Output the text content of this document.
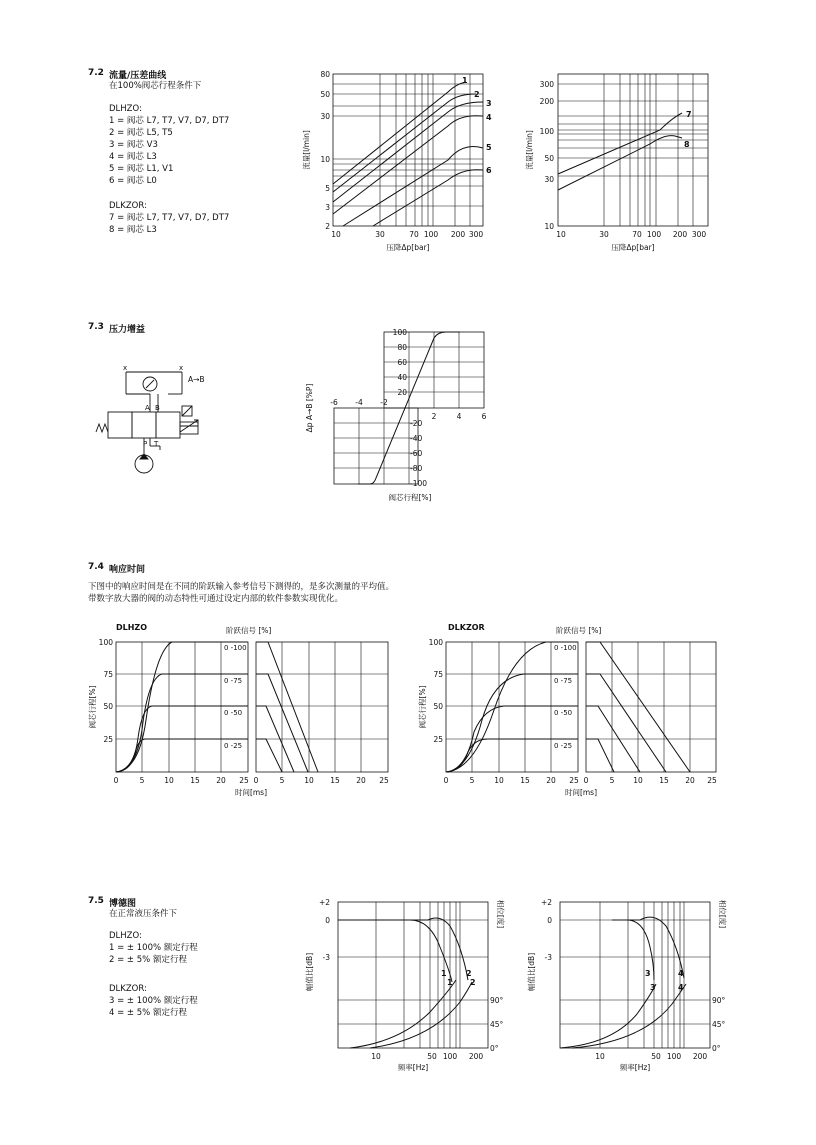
7.2 流量/压差曲线
在100%阀芯行程条件下
DLHZO:
1 = 阀芯 L7, T7, V7, D7, DT7
2 = 阀芯 L5, T5
3 = 阀芯 V3
4 = 阀芯 L3
5 = 阀芯 L1, V1
6 = 阀芯 L0
DLKZOR:
7 = 阀芯 L7, T7, V7, D7, DT7
8 = 阀芯 L3
1
2
3
4
5
6
80
50
30
10
5
3
2
10	30	70 100 200 300
压降Δp[bar]
流量[l/min]
7
8
300
200
100
50
30
10
10	30	70 100 200 300
压降Δp[bar]
流量[l/min]
7.3 压力增益
x	x
A B
P T
A→B
100
80
60
40
20
-20
-40
-60
-80
-100
-6 -4 -2
2	4	6
阀芯行程[%]
Δp A→B [%P]
7.4 响应时间
下图中的响应时间是在不同的阶跃输入参考信号下测得的，是多次测量的平均值。
带数字放大器的阀的动态特性可通过设定内部的软件参数实现优化。
DLHZO	阶跃信号 [%]
0 -100
0 -75
0 -50
0 -25
100
75
50
25
0	5	10 15 20 25 0	5	10 15 20 25
时间[ms]
阀芯行程[%]
DLKZOR	阶跃信号 [%]
0 -100
0 -75
0 -50
0 -25
100
75
50
25
0	5	10 15 20 25 0	5	10 15 20 25
时间[ms]
阀芯行程[%]
7.5 博德图
在正常液压条件下
DLHZO:
1 = ± 100% 额定行程
2 = ± 5% 额定行程
DLKZOR:
3 = ± 100% 额定行程
4 = ± 5% 额定行程
1 2
1 2
+2
0
-3
90°
45°
0°
10	50 100 200
频率[Hz]
幅值比[dB]
相位[度]
3	4
3	4
+2
0
-3
90°
45°
0°
10	50 100 200
频率[Hz]
幅值比[dB]
相位[度]
